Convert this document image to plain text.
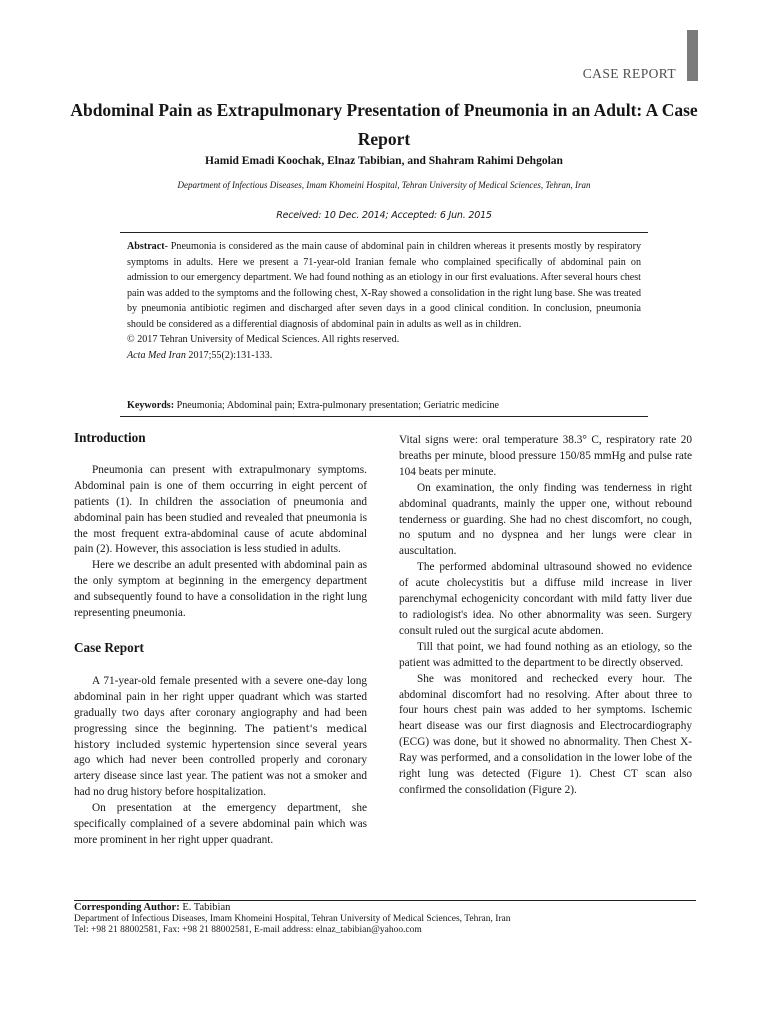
CASE REPORT
Abdominal Pain as Extrapulmonary Presentation of Pneumonia in an Adult: A Case Report
Hamid Emadi Koochak, Elnaz Tabibian, and Shahram Rahimi Dehgolan
Department of Infectious Diseases, Imam Khomeini Hospital, Tehran University of Medical Sciences, Tehran, Iran
Received: 10 Dec. 2014; Accepted: 6 Jun. 2015

Abstract- Pneumonia is considered as the main cause of abdominal pain in children whereas it presents mostly by respiratory symptoms in adults. Here we present a 71-year-old Iranian female who complained specifically of abdominal pain on admission to our emergency department. We had found nothing as an etiology in our first evaluations. After several hours chest pain was added to the symptoms and the following chest, X-Ray showed a consolidation in the right lung base. She was treated by pneumonia antibiotic regimen and discharged after seven days in a good clinical condition. In conclusion, pneumonia should be considered as a differential diagnosis of abdominal pain in adults as well as in children.

© 2017 Tehran University of Medical Sciences. All rights reserved.

Acta Med Iran 2017;55(2):131-133.

Keywords: Pneumonia; Abdominal pain; Extra-pulmonary presentation; Geriatric medicine
Introduction

Pneumonia can present with extrapulmonary symptoms. Abdominal pain is one of them occurring in eight percent of patients (1). In children the association of pneumonia and abdominal pain has been studied and revealed that pneumonia is the most frequent extra-abdominal cause of acute abdominal pain (2). However, this association is less studied in adults.

Here we describe an adult presented with abdominal pain as the only symptom at beginning in the emergency department and subsequently found to have a consolidation in the right lung representing pneumonia.

Case Report

A 71-year-old female presented with a severe one-day long abdominal pain in her right upper quadrant which was started gradually two days after coronary angiography and had been progressing since the beginning. The patient's medical history included systemic hypertension since several years ago which had never been controlled properly and coronary artery disease since last year. The patient was not a smoker and had no drug history before hospitalization.

On presentation at the emergency department, she specifically complained of a severe abdominal pain which was more prominent in her right upper quadrant.

Vital signs were: oral temperature 38.3° C, respiratory rate 20 breaths per minute, blood pressure 150/85 mmHg and pulse rate 104 beats per minute.

On examination, the only finding was tenderness in right abdominal quadrants, mainly the upper one, without rebound tenderness or guarding. She had no chest discomfort, no cough, no sputum and no dyspnea and her lungs were clear in auscultation.

The performed abdominal ultrasound showed no evidence of acute cholecystitis but a diffuse mild increase in liver parenchymal echogenicity concordant with mild fatty liver due to radiologist's idea. No other abnormality was seen. Surgery consult ruled out the surgical acute abdomen.

Till that point, we had found nothing as an etiology, so the patient was admitted to the department to be directly observed.

She was monitored and rechecked every hour. The abdominal discomfort had no resolving. After about three to four hours chest pain was added to her symptoms. Ischemic heart disease was our first diagnosis and Electrocardiography (ECG) was done, but it showed no abnormality. Then Chest X-Ray was performed, and a consolidation in the lower lobe of the right lung was detected (Figure 1). Chest CT scan also confirmed the consolidation (Figure 2).

Corresponding Author: E. Tabibian
Department of Infectious Diseases, Imam Khomeini Hospital, Tehran University of Medical Sciences, Tehran, Iran
Tel: +98 21 88002581, Fax: +98 21 88002581, E-mail address: elnaz_tabibian@yahoo.com
